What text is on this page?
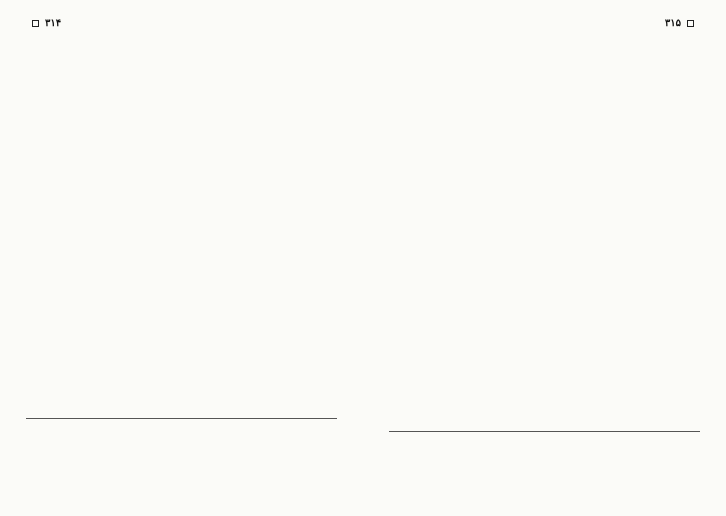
۳۱۴	۳۱۵
